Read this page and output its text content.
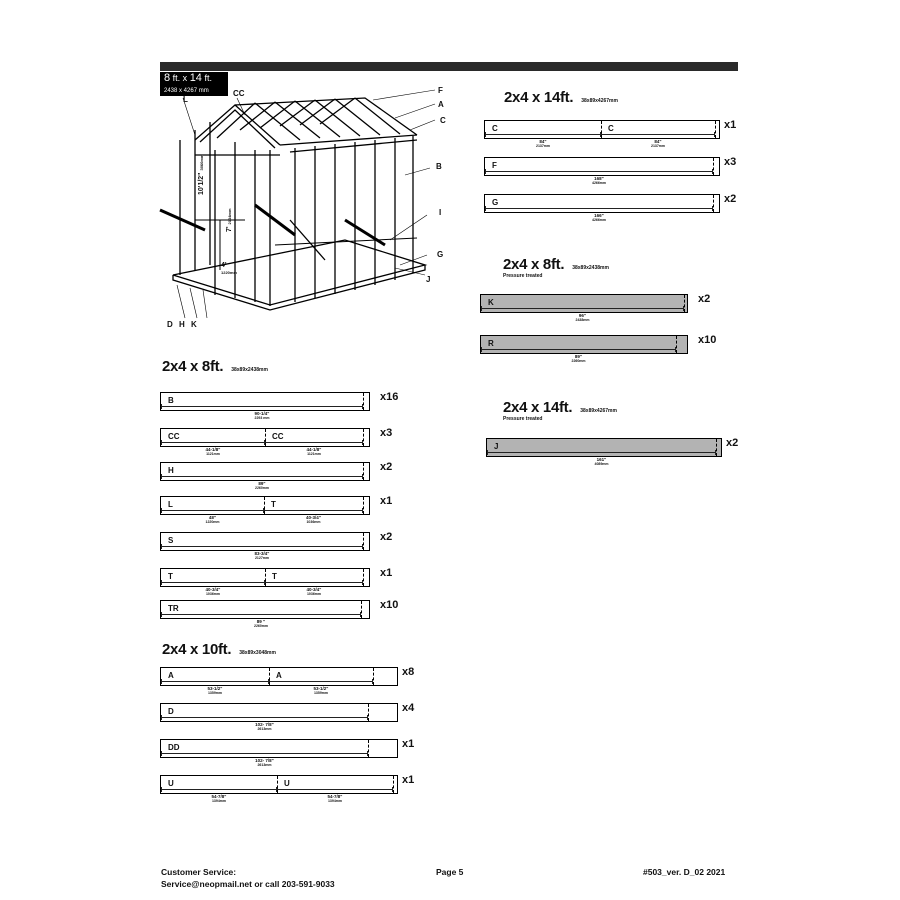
8 ft. x 14 ft.
2438 x 4267 mm
L
CC	F
A
C
B
I
G
J
D H K
10'1/2" 3060mm
7' 2134mm
4'
1220mm
2x4 x 8ft. 38x89x2438mm
B
90-1/4"
2293 mm
x16
CC
44-1/8"
1121mm
CC
44-1/8"
1121mm
x3
H
89"
2260mm
x2
L
48"
1220mm
T
40-3/4"
1036mm
x1
S
83-3/4"
2127mm
x2
T
40-3/4"
1036mm
T
40-3/4"
1036mm
x1
TR
89 "
2260mm
x10
2x4 x 10ft. 38x89x3048mm
A
53-1/2"
1359mm
A
53-1/2"
1359mm
x8
D
102- 7/8"
2613mm
x4
DD
102- 7/8"
2613mm
x1
U
54-7/8"
1394mm
U
54-7/8"
1394mm
x1
2x4 x 14ft. 38x89x4267mm
C
84"
2137mm
C
84"
2137mm
x1
F
168"
4266mm
x3
G
166"
4266mm
x2
2x4 x 8ft. 38x89x2438mm
Pressure treated
K
96"
2438mm
x2
R
89"
2260mm
x10
2x4 x 14ft. 38x89x4267mm
Pressure treated
J
161"
4089mm
x2
Customer Service:
Service@neopmail.net or call 203-591-9033
Page 5	#503_ver. D_02 2021
